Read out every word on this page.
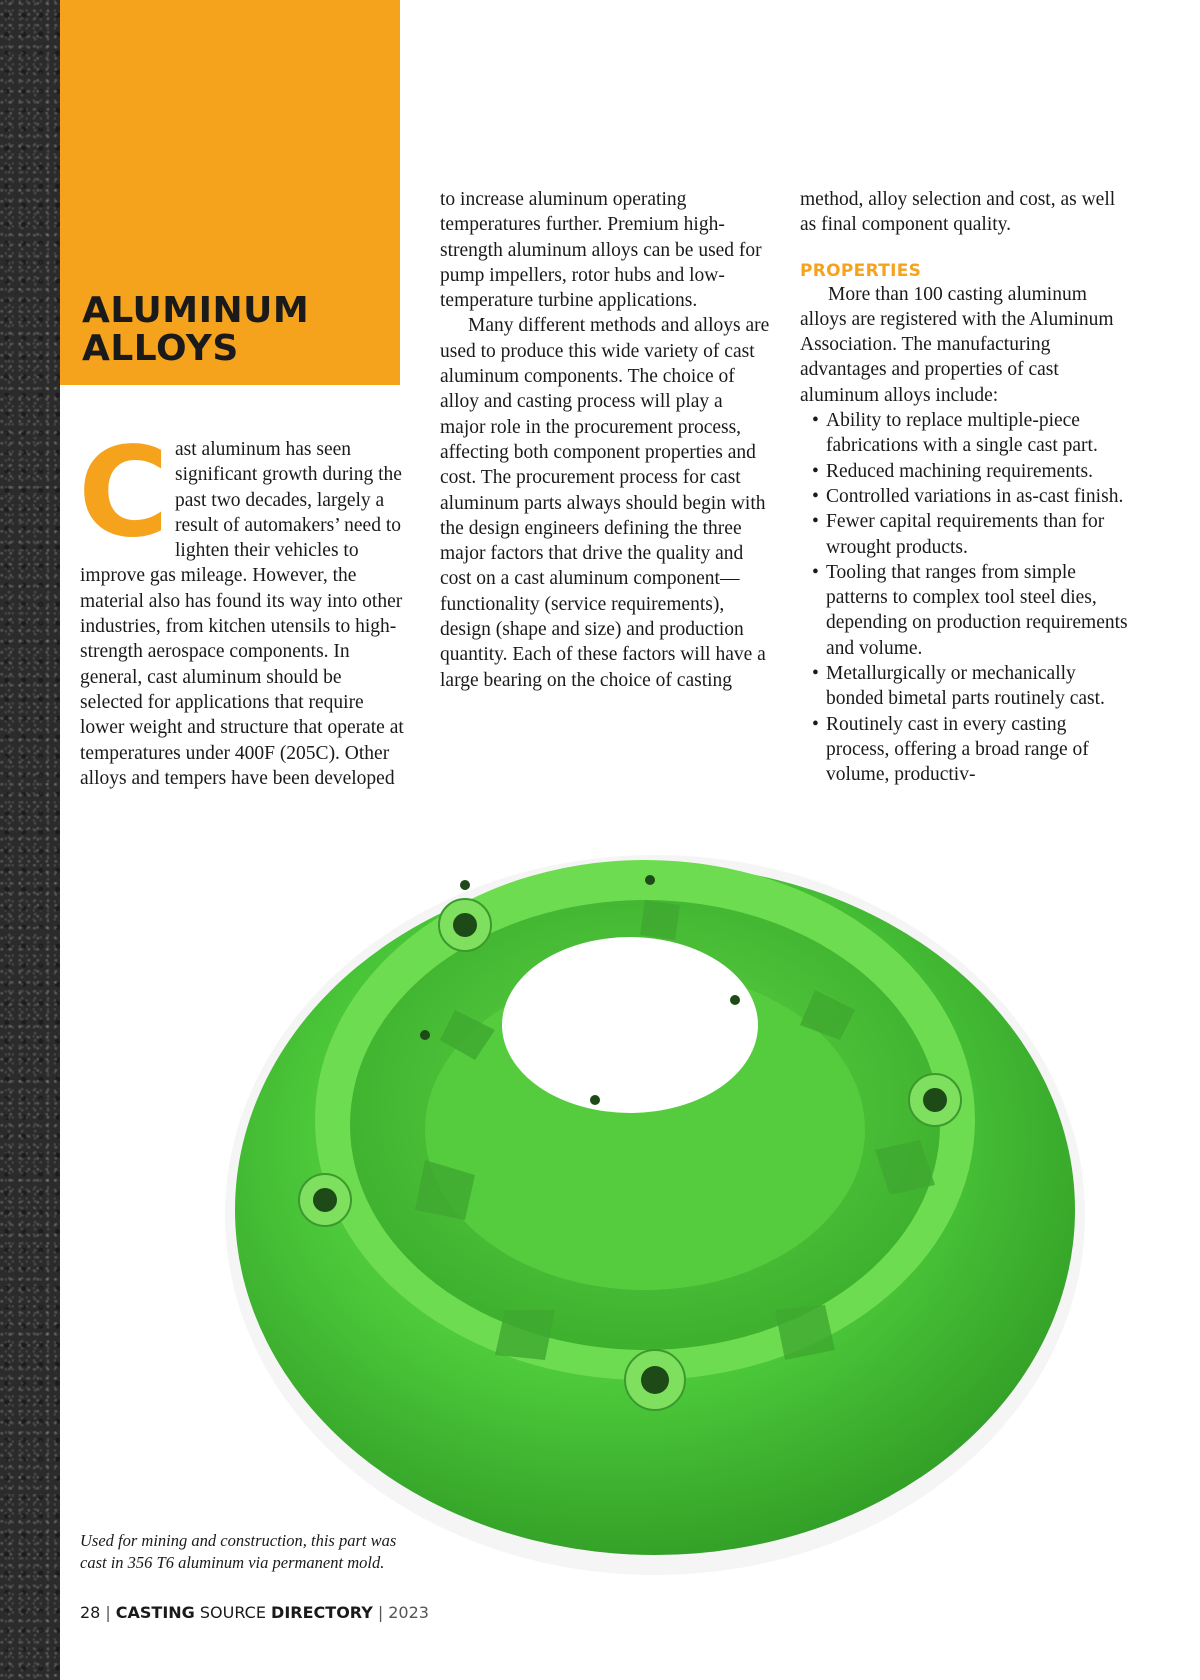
ALUMINUM
ALLOYS
C ast aluminum has seen significant growth during the past two decades, largely a result of automakers’ need to lighten their vehicles to improve gas mileage. However, the material also has found its way into other industries, from kitchen utensils to high-strength aerospace components. In general, cast aluminum should be selected for applications that require lower weight and structure that operate at temperatures under 400F (205C). Other alloys and tempers have been developed

to increase aluminum operating temperatures further. Premium high-strength aluminum alloys can be used for pump impellers, rotor hubs and low-temperature turbine applications.

Many different methods and alloys are used to produce this wide variety of cast aluminum components. The choice of alloy and casting process will play a major role in the procurement process, affecting both component properties and cost. The procurement process for cast aluminum parts always should begin with the design engineers defining the three major factors that drive the quality and cost on a cast aluminum component—functionality (service requirements), design (shape and size) and production quantity. Each of these factors will have a large bearing on the choice of casting

method, alloy selection and cost, as well as final component quality.

PROPERTIES

More than 100 casting aluminum alloys are registered with the Aluminum Association. The manufacturing advantages and properties of cast aluminum alloys include:

• Ability to replace multiple-piece fabrications with a single cast part.
• Reduced machining requirements.
• Controlled variations in as-cast finish.
• Fewer capital requirements than for wrought products.
• Tooling that ranges from simple patterns to complex tool steel dies, depending on production requirements and volume.
• Metallurgically or mechanically bonded bimetal parts routinely cast.
• Routinely cast in every casting process, offering a broad range of volume, productiv-
Used for mining and construction, this part was cast in 356 T6 aluminum via permanent mold.
28 | CASTING SOURCE DIRECTORY | 2023
